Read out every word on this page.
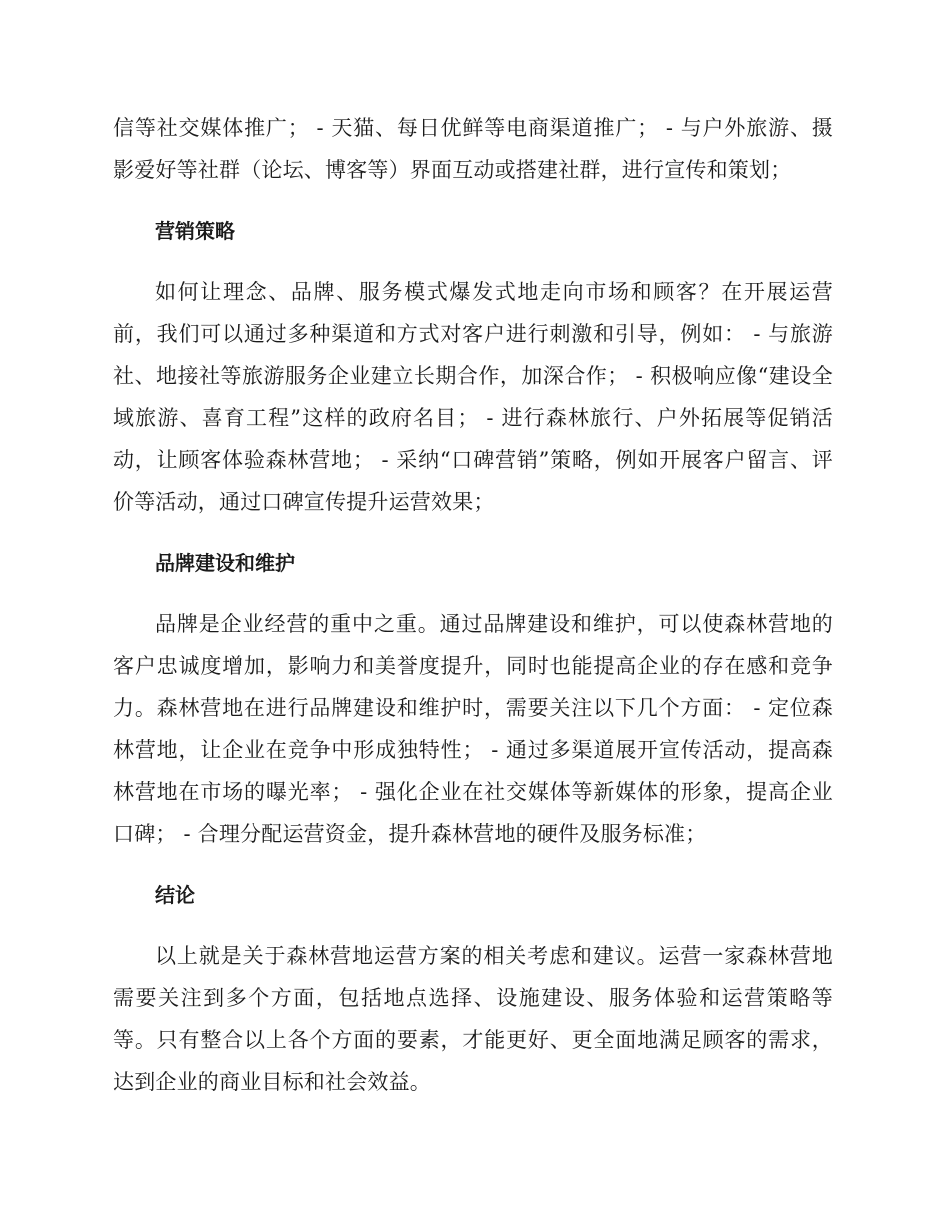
信等社交媒体推广； - 天猫、每日优鲜等电商渠道推广； - 与户外旅游、摄影爱好等社群（论坛、博客等）界面互动或搭建社群，进行宣传和策划；

营销策略

如何让理念、品牌、服务模式爆发式地走向市场和顾客？在开展运营前，我们可以通过多种渠道和方式对客户进行刺激和引导，例如： - 与旅游社、地接社等旅游服务企业建立长期合作，加深合作； - 积极响应像“建设全域旅游、喜育工程”这样的政府名目； - 进行森林旅行、户外拓展等促销活动，让顾客体验森林营地； - 采纳“口碑营销”策略，例如开展客户留言、评价等活动，通过口碑宣传提升运营效果；

品牌建设和维护

品牌是企业经营的重中之重。通过品牌建设和维护，可以使森林营地的客户忠诚度增加，影响力和美誉度提升，同时也能提高企业的存在感和竞争力。森林营地在进行品牌建设和维护时，需要关注以下几个方面： - 定位森林营地，让企业在竞争中形成独特性； - 通过多渠道展开宣传活动，提高森林营地在市场的曝光率； - 强化企业在社交媒体等新媒体的形象，提高企业口碑； - 合理分配运营资金，提升森林营地的硬件及服务标准；

结论

以上就是关于森林营地运营方案的相关考虑和建议。运营一家森林营地需要关注到多个方面，包括地点选择、设施建设、服务体验和运营策略等等。只有整合以上各个方面的要素，才能更好、更全面地满足顾客的需求，达到企业的商业目标和社会效益。
